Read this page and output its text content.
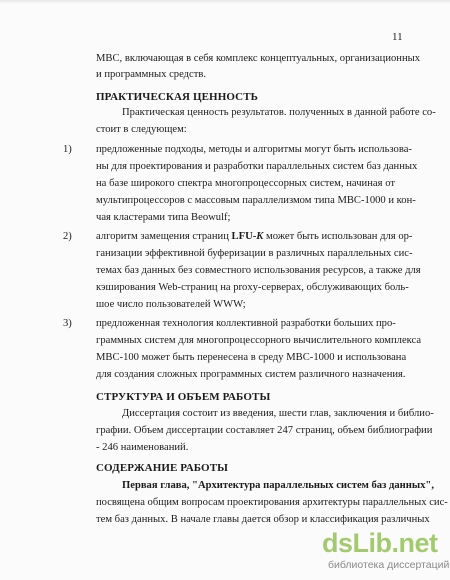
11
МВС, включающая в себя комплекс концептуальных, организационных
и программных средств.
ПРАКТИЧЕСКАЯ ЦЕННОСТЬ
Практическая ценность результатов. полученных в данной работе со-
стоит в следующем:
1) предложенные подходы, методы и алгоритмы могут быть использова-
ны для проектирования и разработки параллельных систем баз данных
на базе широкого спектра многопроцессорных систем, начиная от
мультипроцессоров с массовым параллелизмом типа МВС-1000 и кон-
чая кластерами типа Beowulf;
2) алгоритм замещения страниц LFU-K может быть использован для ор-
ганизации эффективной буферизации в различных параллельных сис-
темах баз данных без совместного использования ресурсов, а также для
кэширования Web-страниц на proxy-серверах, обслуживающих боль-
шое число пользователей WWW;
3) предложенная технология коллективной разработки больших про-
граммных систем для многопроцессорного вычислительного комплекса
МВС-100 может быть перенесена в среду МВС-1000 и использована
для создания сложных программных систем различного назначения.
СТРУКТУРА И ОБЪЕМ РАБОТЫ
Диссертация состоит из введения, шести глав, заключения и библио-
графии. Объем диссертации составляет 247 страниц, объем библиографии
- 246 наименований.
СОДЕРЖАНИЕ РАБОТЫ
Первая глава, "Архитектура параллельных систем баз данных",
посвящена общим вопросам проектирования архитектуры параллельных сис-
тем баз данных. В начале главы дается обзор и классификация различных
dsLib.net
библиотека диссертаций
